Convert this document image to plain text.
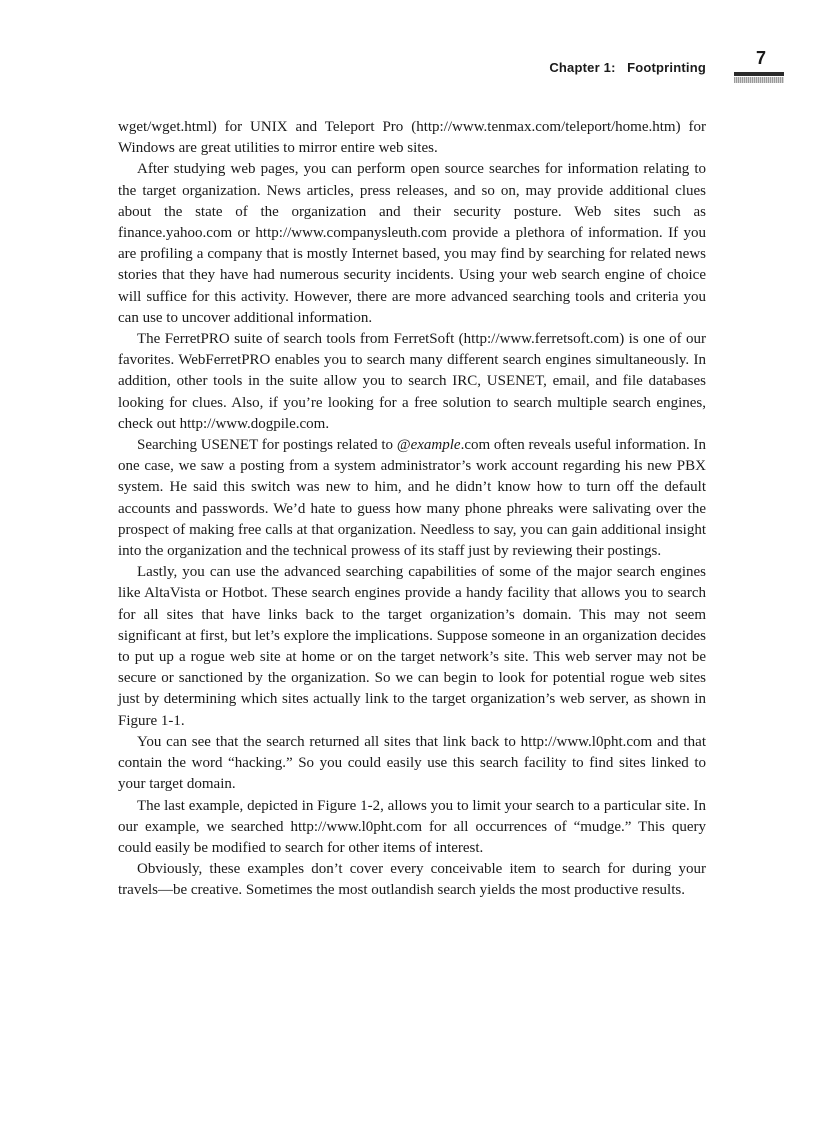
Chapter 1: Footprinting	7

wget/wget.html) for UNIX and Teleport Pro (http://www.tenmax.com/teleport/home.htm) for Windows are great utilities to mirror entire web sites.

After studying web pages, you can perform open source searches for information relating to the target organization. News articles, press releases, and so on, may provide additional clues about the state of the organization and their security posture. Web sites such as finance.yahoo.com or http://www.companysleuth.com provide a plethora of information. If you are profiling a company that is mostly Internet based, you may find by searching for related news stories that they have had numerous security incidents. Using your web search engine of choice will suffice for this activity. However, there are more advanced searching tools and criteria you can use to uncover additional information.

The FerretPRO suite of search tools from FerretSoft (http://www.ferretsoft.com) is one of our favorites. WebFerretPRO enables you to search many different search engines simultaneously. In addition, other tools in the suite allow you to search IRC, USENET, email, and file databases looking for clues. Also, if you’re looking for a free solution to search multiple search engines, check out http://www.dogpile.com.

Searching USENET for postings related to @example.com often reveals useful information. In one case, we saw a posting from a system administrator’s work account regarding his new PBX system. He said this switch was new to him, and he didn’t know how to turn off the default accounts and passwords. We’d hate to guess how many phone phreaks were salivating over the prospect of making free calls at that organization. Needless to say, you can gain additional insight into the organization and the technical prowess of its staff just by reviewing their postings.

Lastly, you can use the advanced searching capabilities of some of the major search engines like AltaVista or Hotbot. These search engines provide a handy facility that allows you to search for all sites that have links back to the target organization’s domain. This may not seem significant at first, but let’s explore the implications. Suppose someone in an organization decides to put up a rogue web site at home or on the target network’s site. This web server may not be secure or sanctioned by the organization. So we can begin to look for potential rogue web sites just by determining which sites actually link to the target organization’s web server, as shown in Figure 1-1.

You can see that the search returned all sites that link back to http://www.l0pht.com and that contain the word “hacking.” So you could easily use this search facility to find sites linked to your target domain.

The last example, depicted in Figure 1-2, allows you to limit your search to a particular site. In our example, we searched http://www.l0pht.com for all occurrences of “mudge.” This query could easily be modified to search for other items of interest.

Obviously, these examples don’t cover every conceivable item to search for during your travels—be creative. Sometimes the most outlandish search yields the most productive results.
